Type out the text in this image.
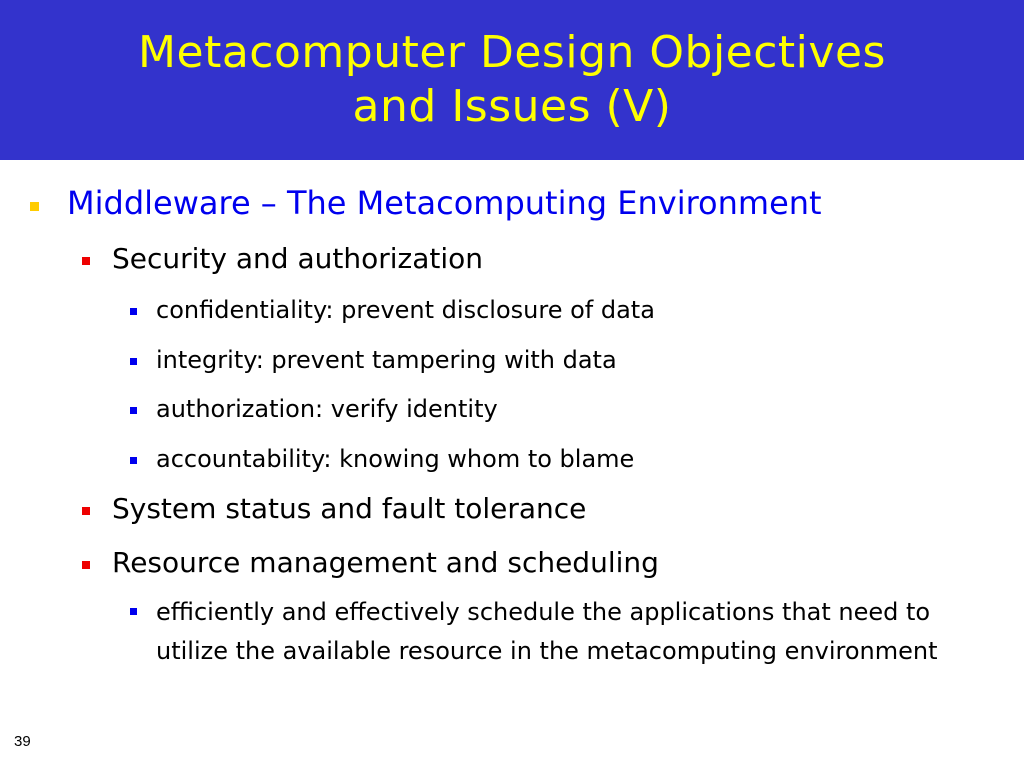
Metacomputer Design Objectives
and Issues (V)
Middleware – The Metacomputing Environment
Security and authorization
confidentiality: prevent disclosure of data
integrity: prevent tampering with data
authorization: verify identity
accountability: knowing whom to blame
System status and fault tolerance
Resource management and scheduling
efficiently and effectively schedule the applications that need to utilize the available resource in the metacomputing environment
39
